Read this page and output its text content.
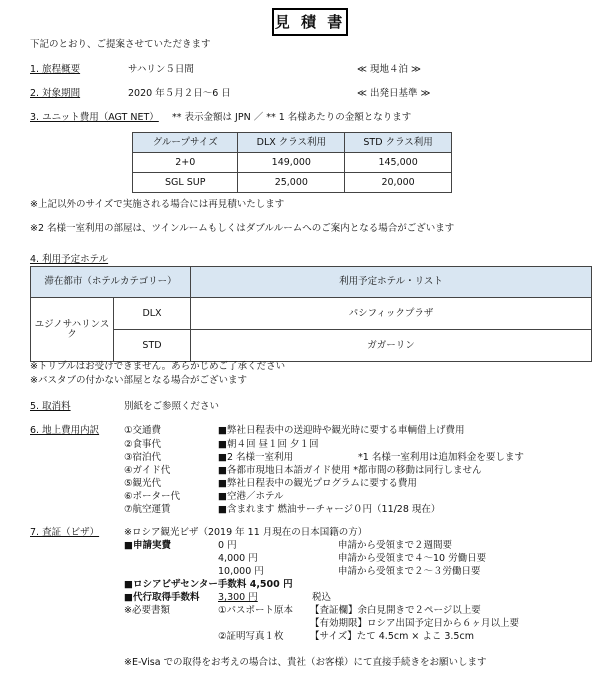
見 積 書
下記のとおり、ご提案させていただきます
1. 旅程概要	サハリン５日間	≪ 現地４泊 ≫
2. 対象期間	2020 年５月２日～6 日	≪ 出発日基準 ≫
3. ユニット費用（AGT NET） ** 表示金額は JPN ／ ** 1 名様あたりの金額となります
グループサイズ	DLX クラス利用	STD クラス利用
2+0	149,000	145,000
SGL SUP	25,000	20,000
※上記以外のサイズで実施される場合には再見積いたします
※2 名様一室利用の部屋は、ツインルームもしくはダブルルームへのご案内となる場合がございます
4. 利用予定ホテル
滞在都市（ホテルカテゴリー）		利用予定ホテル・リスト
ユジノサハリンスク	DLX	パシフィックプラザ
	STD	ガガーリン
※トリプルはお受けできません。あらかじめご了承ください
※バスタブの付かない部屋となる場合がございます
5. 取消料	別紙をご参照ください
6. 地上費用内訳	①交通費	■弊社日程表中の送迎時や観光時に要する車輌借上げ費用
②食事代	■朝４回 昼１回 夕１回
③宿泊代	■2 名様一室利用	*1 名様一室利用は追加料金を要します
④ガイド代	■各都市現地日本語ガイド使用 *都市間の移動は同行しません
⑤観光代	■弊社日程表中の観光プログラムに要する費用
⑥ポーター代	■空港／ホテル
⑦航空運賃	■含まれます 燃油サーチャージ０円（11/28 現在）
7. 査証（ビザ）	※ロシア観光ビザ（2019 年 11 月現在の日本国籍の方）
■申請実費	0 円	申請から受領まで２週間要
4,000 円	申請から受領まで４～10 労働日要
10,000 円	申請から受領まで２～３労働日要
■ロシアビザセンター手数料 4,500 円
■代行取得手数料 3,300 円	税込
※必要書類	①パスポート原本 【査証欄】余白見開きで２ページ以上要
【有効期限】ロシア出国予定日から６ヶ月以上要
②証明写真１枚	【サイズ】たて 4.5cm × よこ 3.5cm
※E-Visa での取得をお考えの場合は、貴社（お客様）にて直接手続きをお願いします
